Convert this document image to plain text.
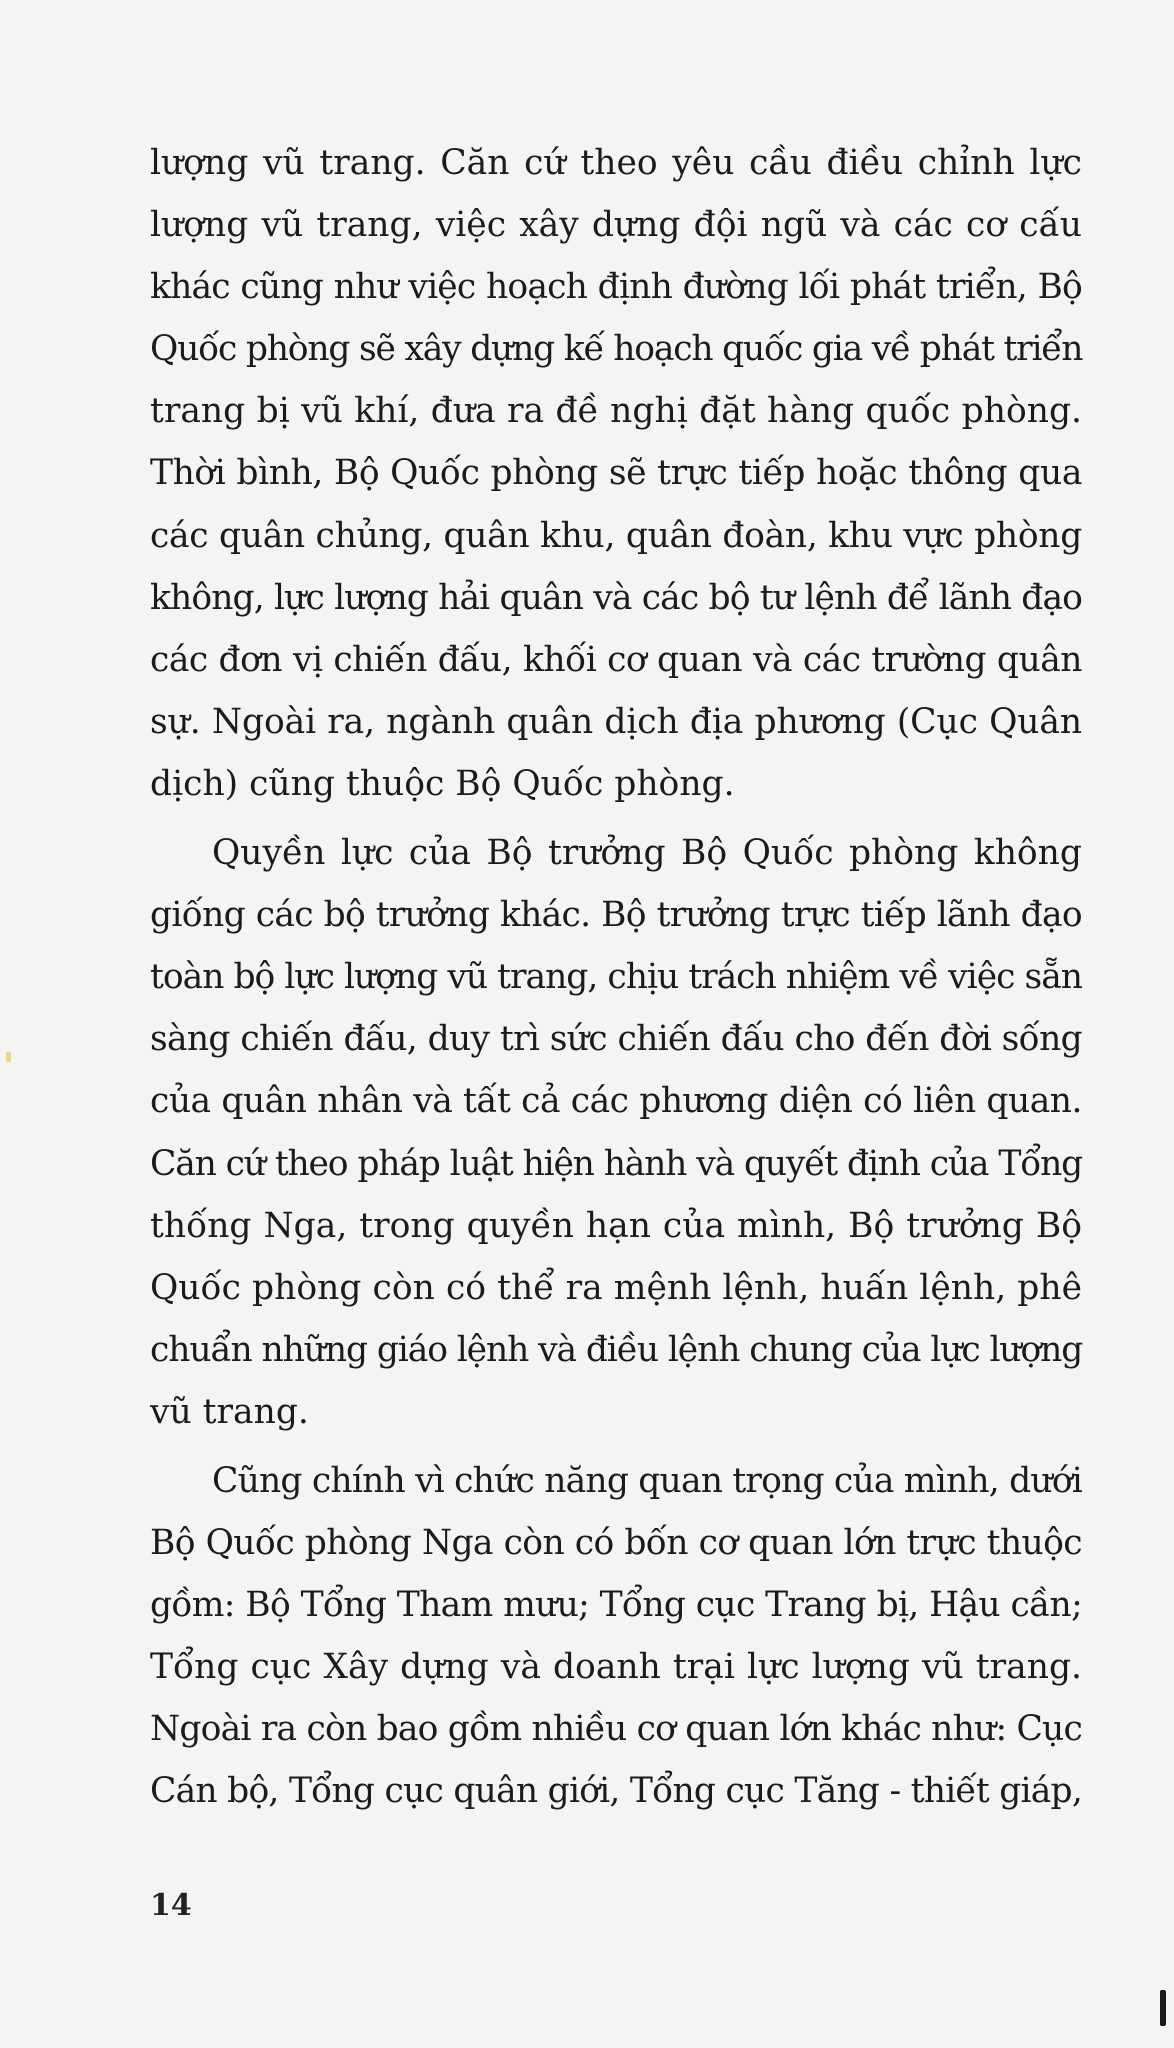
lượng vũ trang. Căn cứ theo yêu cầu điều chỉnh lực
lượng vũ trang, việc xây dựng đội ngũ và các cơ cấu
khác cũng như việc hoạch định đường lối phát triển, Bộ
Quốc phòng sẽ xây dựng kế hoạch quốc gia về phát triển
trang bị vũ khí, đưa ra đề nghị đặt hàng quốc phòng.
Thời bình, Bộ Quốc phòng sẽ trực tiếp hoặc thông qua
các quân chủng, quân khu, quân đoàn, khu vực phòng
không, lực lượng hải quân và các bộ tư lệnh để lãnh đạo
các đơn vị chiến đấu, khối cơ quan và các trường quân
sự. Ngoài ra, ngành quân dịch địa phương (Cục Quân
dịch) cũng thuộc Bộ Quốc phòng.

Quyền lực của Bộ trưởng Bộ Quốc phòng không
giống các bộ trưởng khác. Bộ trưởng trực tiếp lãnh đạo
toàn bộ lực lượng vũ trang, chịu trách nhiệm về việc sẵn
sàng chiến đấu, duy trì sức chiến đấu cho đến đời sống
của quân nhân và tất cả các phương diện có liên quan.
Căn cứ theo pháp luật hiện hành và quyết định của Tổng
thống Nga, trong quyền hạn của mình, Bộ trưởng Bộ
Quốc phòng còn có thể ra mệnh lệnh, huấn lệnh, phê
chuẩn những giáo lệnh và điều lệnh chung của lực lượng
vũ trang.

Cũng chính vì chức năng quan trọng của mình, dưới
Bộ Quốc phòng Nga còn có bốn cơ quan lớn trực thuộc
gồm: Bộ Tổng Tham mưu; Tổng cục Trang bị, Hậu cần;
Tổng cục Xây dựng và doanh trại lực lượng vũ trang.
Ngoài ra còn bao gồm nhiều cơ quan lớn khác như: Cục
Cán bộ, Tổng cục quân giới, Tổng cục Tăng - thiết giáp,

14
